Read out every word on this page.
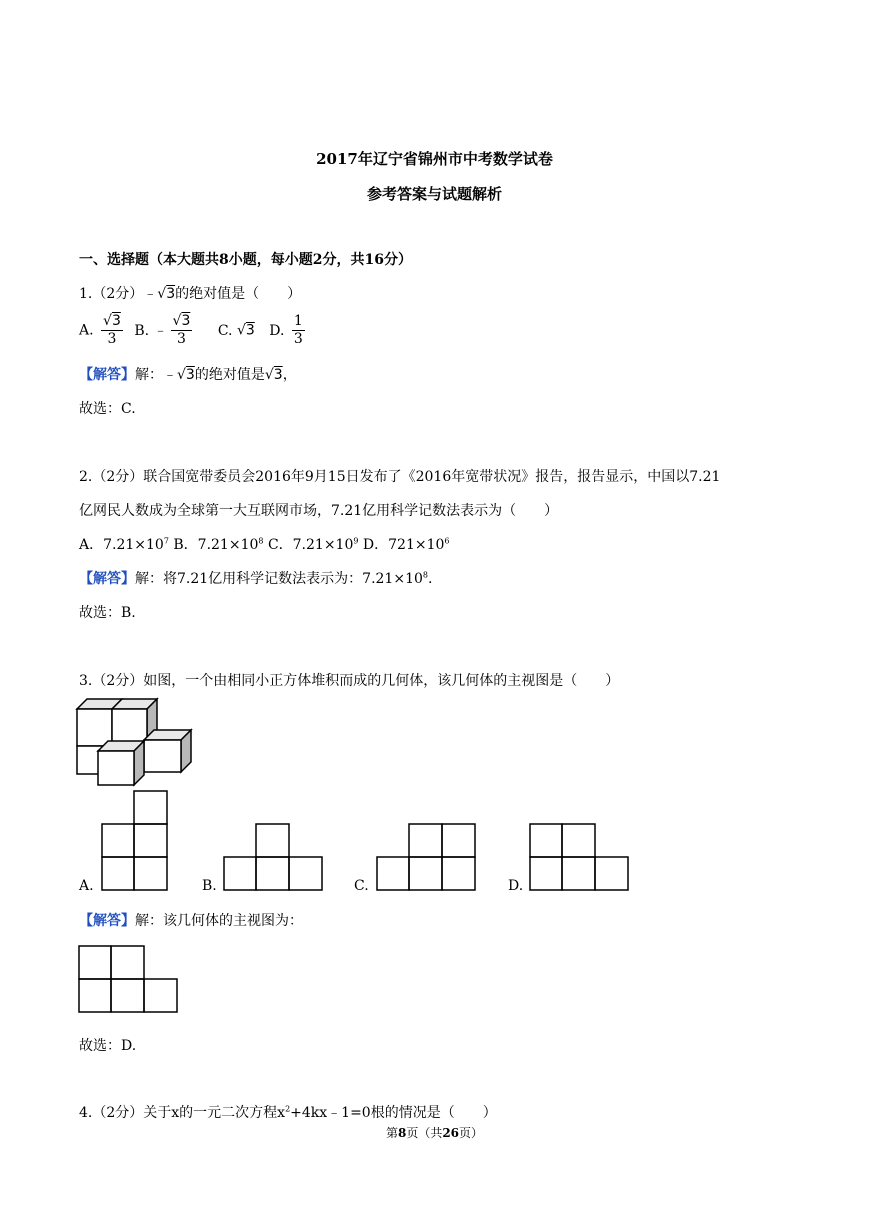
2017年辽宁省锦州市中考数学试卷
参考答案与试题解析
一、选择题（本大题共8小题，每小题2分，共16分）
1.（2分）﹣√3的绝对值是（　　）
A. $\frac{√3}{3} B$. ﹣ $\frac{√3}{3} C$. √3 D. $\frac{1}{3}$
【解答】解：﹣√3的绝对值是√3，
故选：C.
2.（2分）联合国宽带委员会2016年9月15日发布了《2016年宽带状况》报告，报告显示，中国以7.21
亿网民人数成为全球第一大互联网市场，7.21亿用科学记数法表示为（　　）
A．$7.21\times 10^7$ B．$7.21\times 10^8$ C．$7.21\times 10^9$ D．$721\times 10^6$
【解答】解：将7.21亿用科学记数法表示为：$7.21\times 10^8$.
故选：B.
3.（2分）如图，一个由相同小正方体堆积而成的几何体，该几何体的主视图是（　　）
A.	B.	C.	D.
【解答】解：该几何体的主视图为：
故选：D.
4.（2分）关于x的一元二次方程$x^2+4kx﹣1=0$根的情况是（　　）
第8页（共26页）
